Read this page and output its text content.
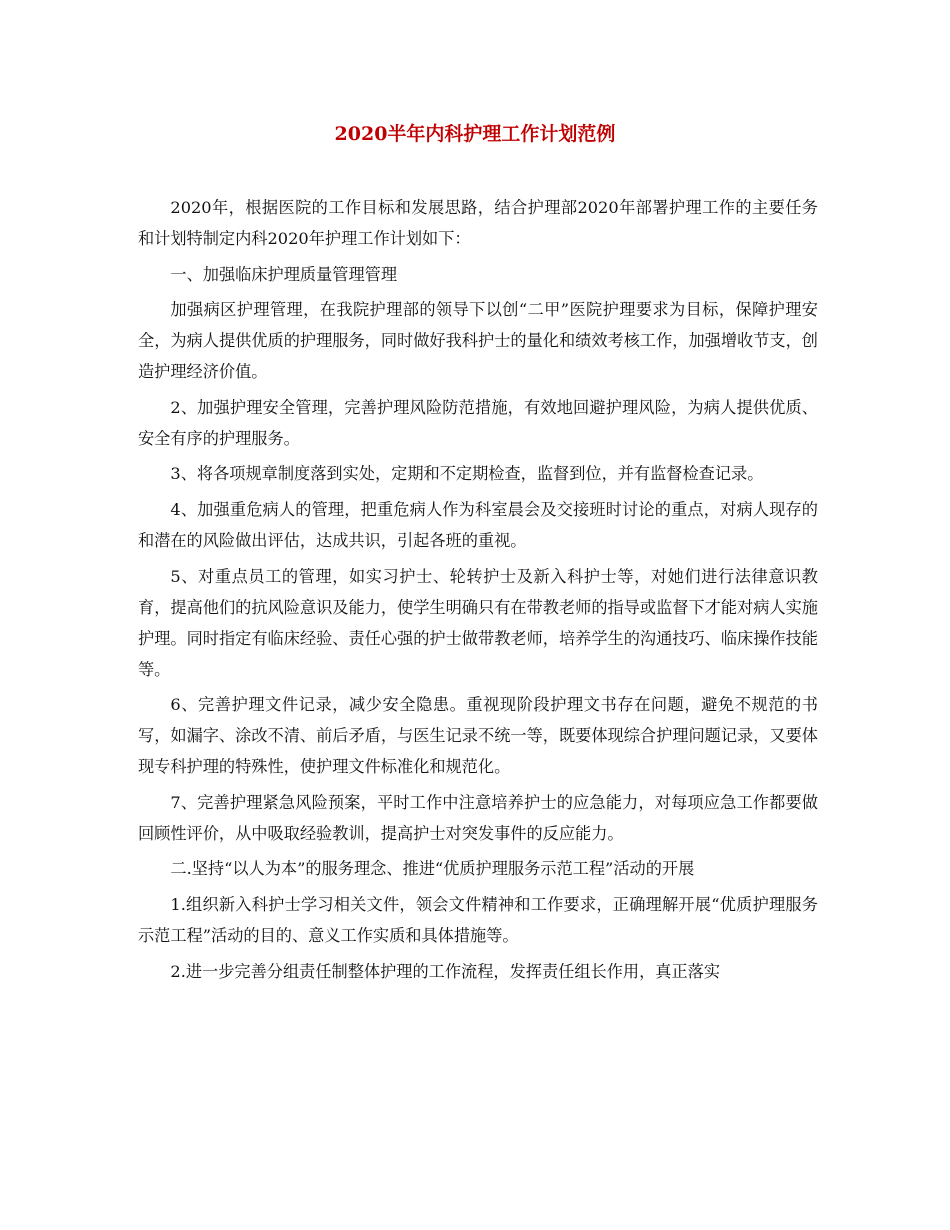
2020半年内科护理工作计划范例

2020年，根据医院的工作目标和发展思路，结合护理部2020年部署护理工作的主要任务和计划特制定内科2020年护理工作计划如下：

一、加强临床护理质量管理管理

加强病区护理管理，在我院护理部的领导下以创“二甲”医院护理要求为目标，保障护理安全，为病人提供优质的护理服务，同时做好我科护士的量化和绩效考核工作，加强增收节支，创造护理经济价值。

2、加强护理安全管理，完善护理风险防范措施，有效地回避护理风险，为病人提供优质、安全有序的护理服务。

3、将各项规章制度落到实处，定期和不定期检查，监督到位，并有监督检查记录。

4、加强重危病人的管理，把重危病人作为科室晨会及交接班时讨论的重点，对病人现存的和潜在的风险做出评估，达成共识，引起各班的重视。

5、对重点员工的管理，如实习护士、轮转护士及新入科护士等，对她们进行法律意识教育，提高他们的抗风险意识及能力，使学生明确只有在带教老师的指导或监督下才能对病人实施护理。同时指定有临床经验、责任心强的护士做带教老师，培养学生的沟通技巧、临床操作技能等。

6、完善护理文件记录，减少安全隐患。重视现阶段护理文书存在问题，避免不规范的书写，如漏字、涂改不清、前后矛盾，与医生记录不统一等，既要体现综合护理问题记录，又要体现专科护理的特殊性，使护理文件标准化和规范化。

7、完善护理紧急风险预案，平时工作中注意培养护士的应急能力，对每项应急工作都要做回顾性评价，从中吸取经验教训，提高护士对突发事件的反应能力。

二.坚持“以人为本”的服务理念、推进“优质护理服务示范工程”活动的开展

1.组织新入科护士学习相关文件，领会文件精神和工作要求，正确理解开展“优质护理服务示范工程”活动的目的、意义工作实质和具体措施等。

2.进一步完善分组责任制整体护理的工作流程，发挥责任组长作用，真正落实
